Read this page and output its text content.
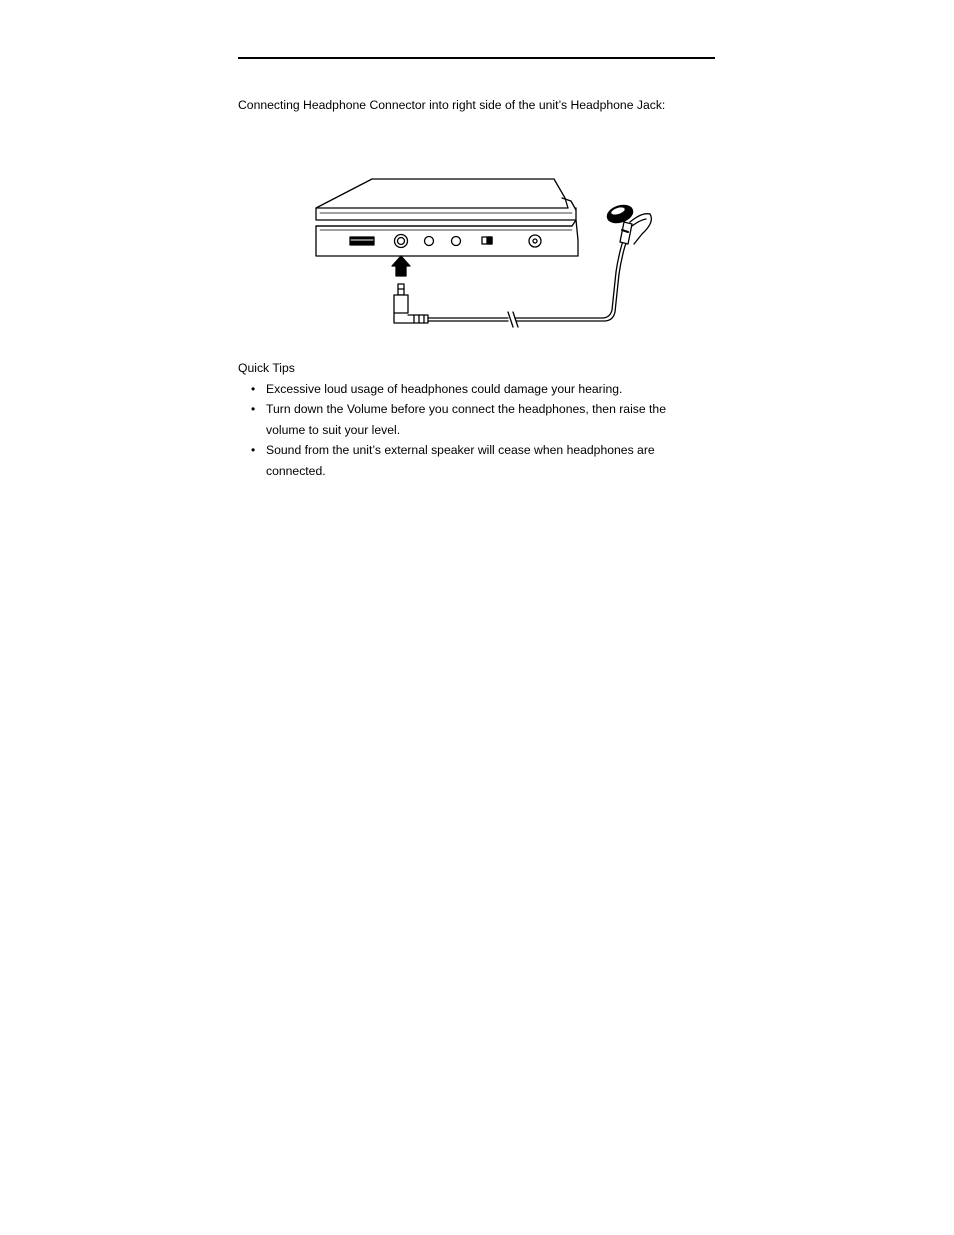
Connecting Headphone Connector into right side of the unit’s Headphone Jack:
Quick Tips
• Excessive loud usage of headphones could damage your hearing.
• Turn down the Volume before you connect the headphones, then raise the volume to suit your level.
• Sound from the unit’s external speaker will cease when headphones are connected.
